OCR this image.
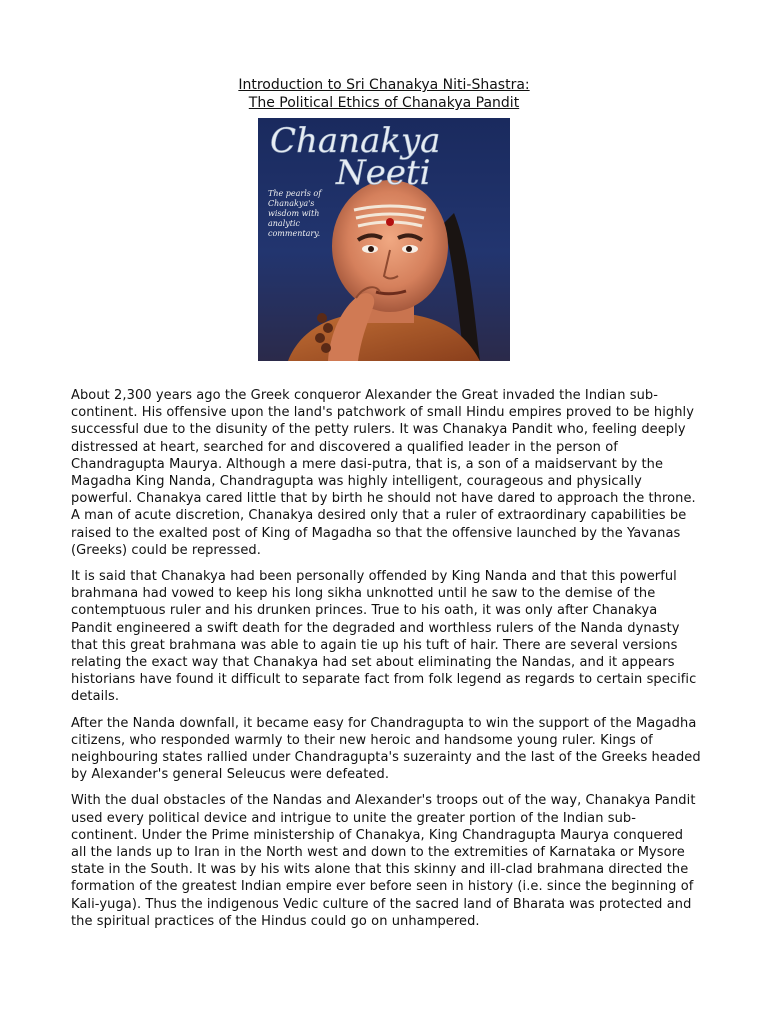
Introduction to Sri Chanakya Niti-Shastra:
The Political Ethics of Chanakya Pandit
Chanakya
Neeti
The pearls of
Chanakya's
wisdom with
analytic
commentary.

About 2,300 years ago the Greek conqueror Alexander the Great invaded the Indian sub-continent. His offensive upon the land's patchwork of small Hindu empires proved to be highly successful due to the disunity of the petty rulers. It was Chanakya Pandit who, feeling deeply distressed at heart, searched for and discovered a qualified leader in the person of Chandragupta Maurya. Although a mere dasi-putra, that is, a son of a maidservant by the Magadha King Nanda, Chandragupta was highly intelligent, courageous and physically powerful. Chanakya cared little that by birth he should not have dared to approach the throne. A man of acute discretion, Chanakya desired only that a ruler of extraordinary capabilities be raised to the exalted post of King of Magadha so that the offensive launched by the Yavanas (Greeks) could be repressed.

It is said that Chanakya had been personally offended by King Nanda and that this powerful brahmana had vowed to keep his long sikha unknotted until he saw to the demise of the contemptuous ruler and his drunken princes. True to his oath, it was only after Chanakya Pandit engineered a swift death for the degraded and worthless rulers of the Nanda dynasty that this great brahmana was able to again tie up his tuft of hair. There are several versions relating the exact way that Chanakya had set about eliminating the Nandas, and it appears historians have found it difficult to separate fact from folk legend as regards to certain specific details.

After the Nanda downfall, it became easy for Chandragupta to win the support of the Magadha citizens, who responded warmly to their new heroic and handsome young ruler. Kings of neighbouring states rallied under Chandragupta's suzerainty and the last of the Greeks headed by Alexander's general Seleucus were defeated.

With the dual obstacles of the Nandas and Alexander's troops out of the way, Chanakya Pandit used every political device and intrigue to unite the greater portion of the Indian sub-continent. Under the Prime ministership of Chanakya, King Chandragupta Maurya conquered all the lands up to Iran in the North west and down to the extremities of Karnataka or Mysore state in the South. It was by his wits alone that this skinny and ill-clad brahmana directed the formation of the greatest Indian empire ever before seen in history (i.e. since the beginning of Kali-yuga). Thus the indigenous Vedic culture of the sacred land of Bharata was protected and the spiritual practices of the Hindus could go on unhampered.
